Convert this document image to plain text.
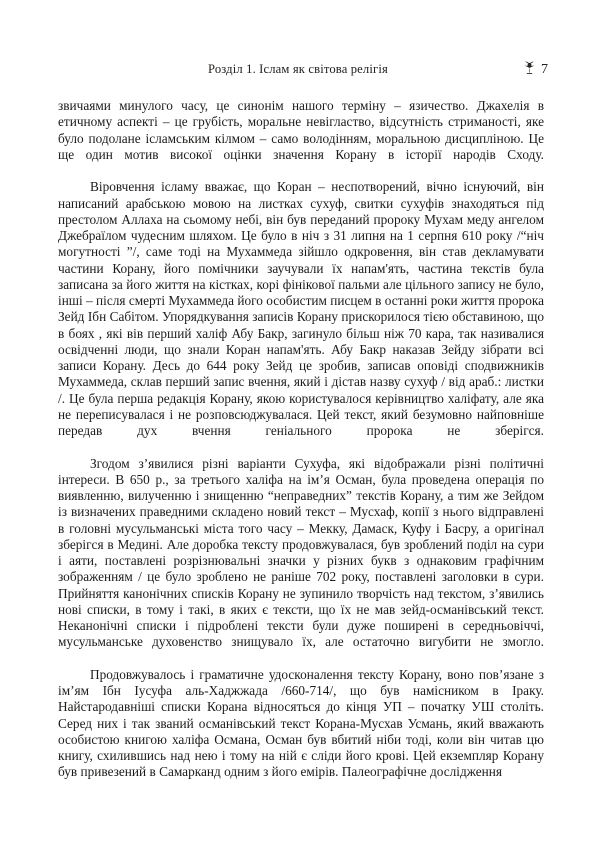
Розділ 1. Іслам як світова релігія	7

звичаями минулого часу, це синонім нашого терміну – язичество. Джахелія в етичному аспекті – це грубість, моральне невігластво, відсутність стриманості, яке було подолане ісламським кілмом – само володінням, моральною дисципліною. Це ще один мотив високої оцінки значення Корану в історії народів Сходу.

Віровчення ісламу вважає, що Коран – неспотворений, вічно існуючий, він написаний арабською мовою на листках сухуф, свитки сухуфів знаходяться під престолом Аллаха на сьомому небі, він був переданий пророку Мухам меду ангелом Джебраїлом чудесним шляхом. Це було в ніч з 31 липня на 1 серпня 610 року /“ніч могутності ”/, саме тоді на Мухаммеда зійшло одкровення, він став декламувати частини Корану, його помічники заучували їх напам'ять, частина текстів була записана за його життя на кістках, корі фінікової пальми але цільного запису не було, інші – після смерті Мухаммеда його особистим писцем в останні роки життя пророка Зейд Ібн Сабітом. Упорядкування записів Корану прискорилося тією обставиною, що в боях , які вів перший халіф Абу Бакр, загинуло більш ніж 70 кара, так називалися освідченні люди, що знали Коран напам'ять. Абу Бакр наказав Зейду зібрати всі записи Корану. Десь до 644 року Зейд це зробив, записав оповіді сподвижників Мухаммеда, склав перший запис вчення, який і дістав назву сухуф / від араб.: листки /. Це була перша редакція Корану, якою користувалося керівництво халіфату, але яка не переписувалася і не розповсюджувалася. Цей текст, який безумовно найповніше передав дух вчення геніального пророка не зберігся.

Згодом з’явилися різні варіанти Сухуфа, які відображали різні політичні інтереси. В 650 р., за третього халіфа на ім’я Осман, була проведена операція по виявленню, вилученню і знищенню “неправедних” текстів Корану, а тим же Зейдом із визначених праведними складено новий текст – Мусхаф, копії з нього відправлені в головні мусульманські міста того часу – Мекку, Дамаск, Куфу і Басру, а оригінал зберігся в Медині. Але доробка тексту продовжувалася, був зроблений поділ на сури і аяти, поставлені розрізнювальні значки у різних букв з однаковим графічним зображенням / це було зроблено не раніше 702 року, поставлені заголовки в сури. Прийняття канонічних списків Корану не зупинило творчість над текстом, з’явились нові списки, в тому і такі, в яких є тексти, що їх не мав зейд-османівський текст. Неканонічні списки і підроблені тексти були дуже поширені в середньовіччі, мусульманське духовенство знищувало їх, але остаточно вигубити не змогло.

Продовжувалось і граматичне удосконалення тексту Корану, воно пов’язане з ім’ям Ібн Іусуфа аль-Хаджжада /660-714/, що був намісником в Іраку. Найстародавніші списки Корана відносяться до кінця УП – початку УШ століть. Серед них і так званий османівський текст Корана-Мусхав Усмань, який вважають особистою книгою халіфа Османа, Осман був вбитий ніби тоді, коли він читав цю книгу, схилившись над нею і тому на ній є сліди його крові. Цей екземпляр Корану був привезений в Самарканд одним з його емірів. Палеографічне дослідження
